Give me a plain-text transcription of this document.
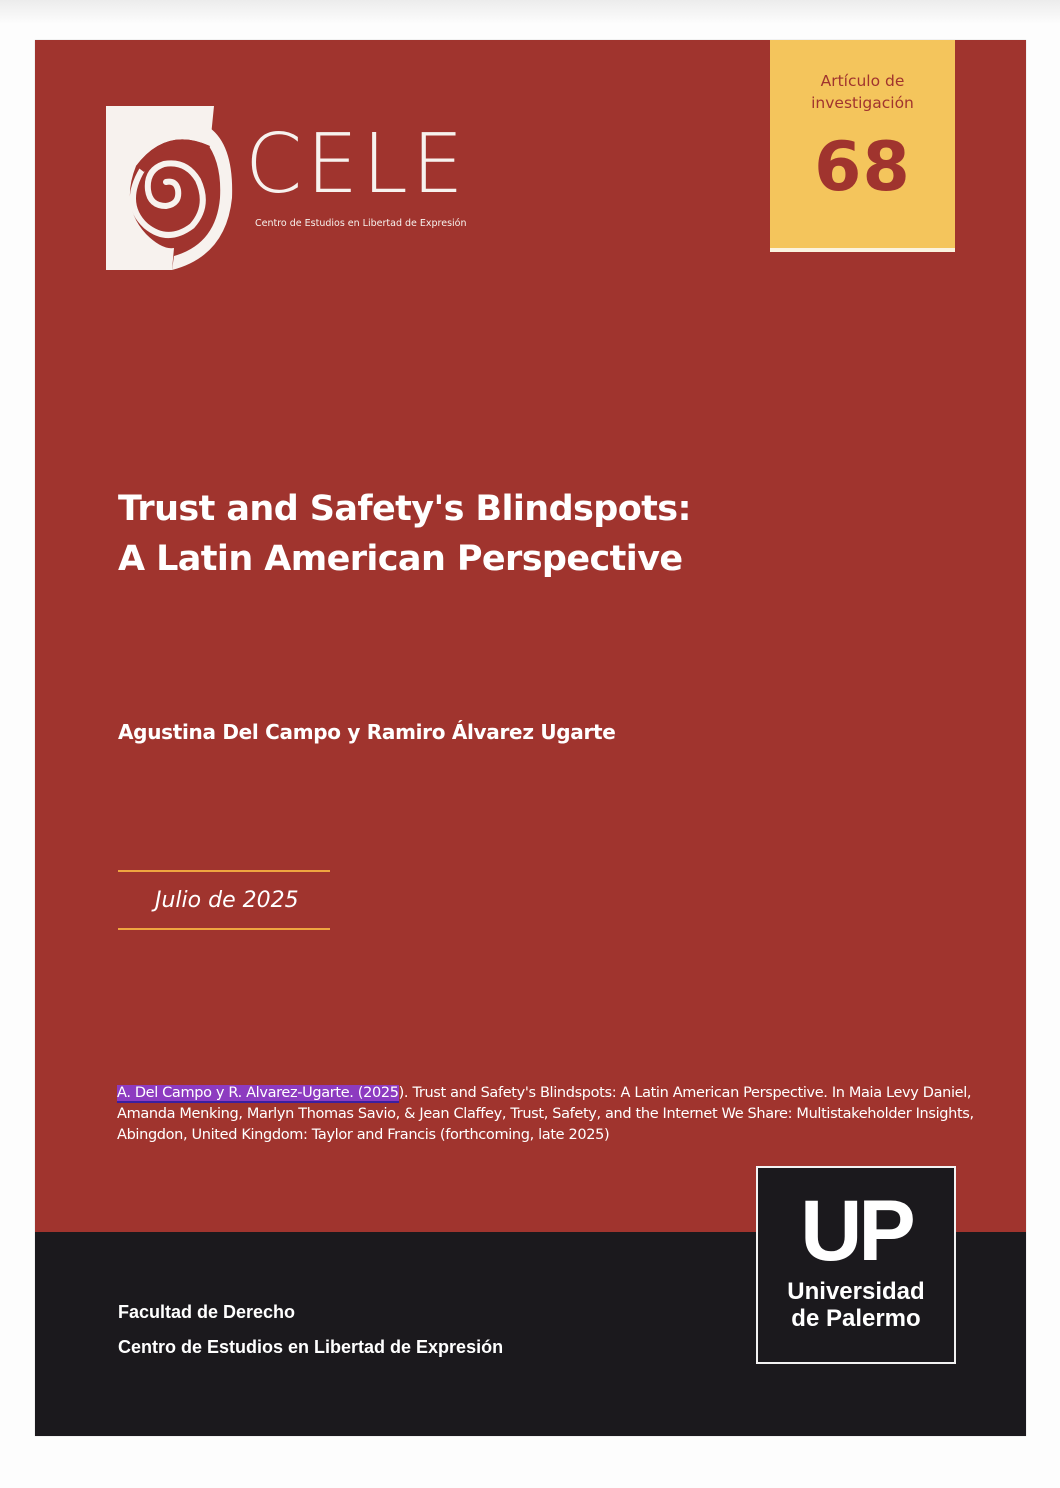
CELE
Centro de Estudios en Libertad de Expresión
Artículo de
investigación
68
Trust and Safety's Blindspots:
A Latin American Perspective
Agustina Del Campo y Ramiro Álvarez Ugarte
Julio de 2025
A. Del Campo y R. Alvarez-Ugarte. (2025). Trust and Safety's Blindspots: A Latin American Perspective. In Maia Levy Daniel, Amanda Menking, Marlyn Thomas Savio, & Jean Claffey, Trust, Safety, and the Internet We Share: Multistakeholder Insights, Abingdon, United Kingdom: Taylor and Francis (forthcoming, late 2025)
Facultad de Derecho
Centro de Estudios en Libertad de Expresión
UP
Universidad
de Palermo
